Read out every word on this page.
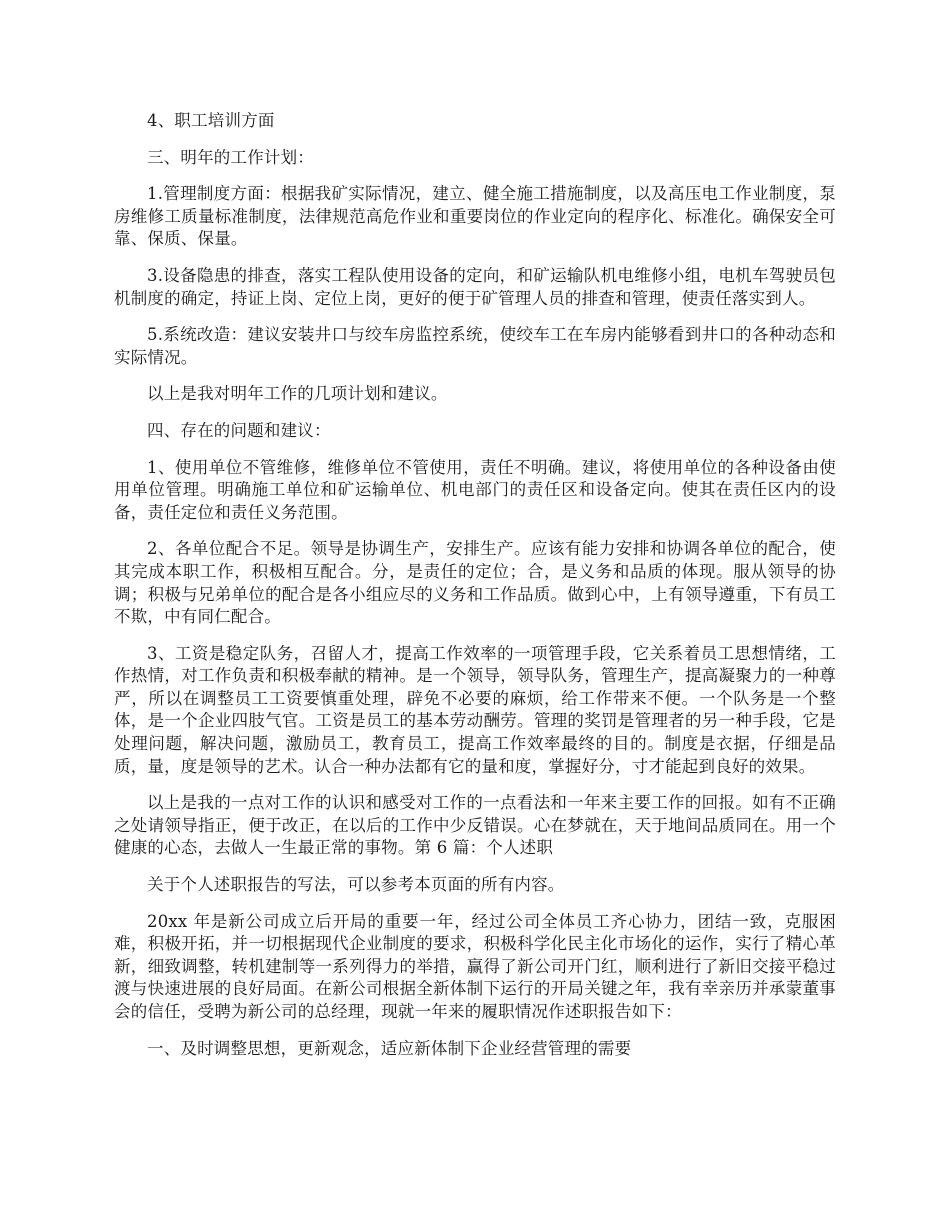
4、职工培训方面

三、明年的工作计划：

1.管理制度方面：根据我矿实际情况，建立、健全施工措施制度，以及高压电工作业制度，泵房维修工质量标准制度，法律规范高危作业和重要岗位的作业定向的程序化、标准化。确保安全可靠、保质、保量。

3.设备隐患的排查，落实工程队使用设备的定向，和矿运输队机电维修小组，电机车驾驶员包机制度的确定，持证上岗、定位上岗，更好的便于矿管理人员的排查和管理，使责任落实到人。

5.系统改造：建议安装井口与绞车房监控系统，使绞车工在车房内能够看到井口的各种动态和实际情况。

以上是我对明年工作的几项计划和建议。

四、存在的问题和建议：

1、使用单位不管维修，维修单位不管使用，责任不明确。建议，将使用单位的各种设备由使用单位管理。明确施工单位和矿运输单位、机电部门的责任区和设备定向。使其在责任区内的设备，责任定位和责任义务范围。

2、各单位配合不足。领导是协调生产，安排生产。应该有能力安排和协调各单位的配合，使其完成本职工作，积极相互配合。分，是责任的定位；合，是义务和品质的体现。服从领导的协调；积极与兄弟单位的配合是各小组应尽的义务和工作品质。做到心中，上有领导遵重，下有员工不欺，中有同仁配合。

3、工资是稳定队务，召留人才，提高工作效率的一项管理手段，它关系着员工思想情绪，工作热情，对工作负责和积极奉献的精神。是一个领导，领导队务，管理生产，提高凝聚力的一种尊严，所以在调整员工工资要慎重处理，辟免不必要的麻烦，给工作带来不便。一个队务是一个整体，是一个企业四肢气官。工资是员工的基本劳动酬劳。管理的奖罚是管理者的另一种手段，它是处理问题，解决问题，激励员工，教育员工，提高工作效率最终的目的。制度是衣据，仔细是品质，量，度是领导的艺术。认合一种办法都有它的量和度，掌握好分，寸才能起到良好的效果。

以上是我的一点对工作的认识和感受对工作的一点看法和一年来主要工作的回报。如有不正确之处请领导指正，便于改正，在以后的工作中少反错误。心在梦就在，天于地间品质同在。用一个健康的心态，去做人一生最正常的事物。第 6 篇：个人述职

关于个人述职报告的写法，可以参考本页面的所有内容。

20xx 年是新公司成立后开局的重要一年，经过公司全体员工齐心协力，团结一致，克服困难，积极开拓，并一切根据现代企业制度的要求，积极科学化民主化市场化的运作，实行了精心革新，细致调整，转机建制等一系列得力的举措，赢得了新公司开门红，顺利进行了新旧交接平稳过渡与快速进展的良好局面。在新公司根据全新体制下运行的开局关键之年，我有幸亲历并承蒙董事会的信任，受聘为新公司的总经理，现就一年来的履职情况作述职报告如下：

一、及时调整思想，更新观念，适应新体制下企业经营管理的需要
